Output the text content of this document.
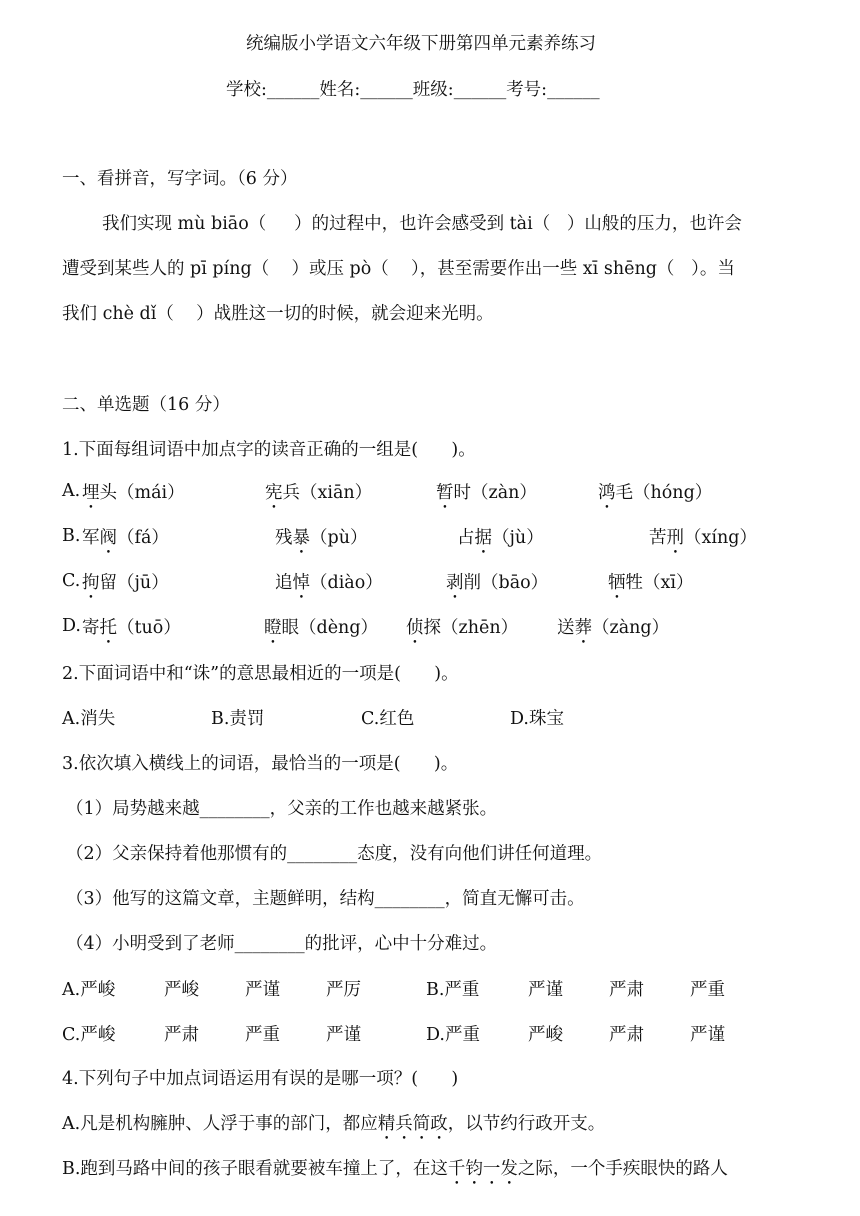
统编版小学语文六年级下册第四单元素养练习
学校:______姓名:______班级:______考号:______
一、看拼音，写字词。（6 分）
我们实现 mù biāo（     ）的过程中，也许会感受到 tài（   ）山般的压力，也许会
遭受到某些人的 pī píng（    ）或压 pò（    ），甚至需要作出一些 xī shēng（   ）。当
我们 chè dǐ（    ）战胜这一切的时候，就会迎来光明。
二、单选题（16 分）
1.下面每组词语中加点字的读音正确的一组是(      )。
A. 埋头（mái）	宪兵（xiān）	暂时（zàn）	鸿毛（hóng）
B. 军阀（fá）	残暴（pù）	占据（jù）	苦刑（xíng）
C. 拘留（jū）	追悼（diào）	剥削（bāo）	牺牲（xī）
D. 寄托（tuō）	瞪眼（dèng） 侦探（zhēn） 送葬（zàng）
2.下面词语中和“诛”的意思最相近的一项是(      )。
A.消失	B.责罚	C.红色	D.珠宝
3.依次填入横线上的词语，最恰当的一项是(      )。
（1）局势越来越________，父亲的工作也越来越紧张。
（2）父亲保持着他那惯有的________态度，没有向他们讲任何道理。
（3）他写的这篇文章，主题鲜明，结构________，简直无懈可击。
（4）小明受到了老师________的批评，心中十分难过。
A.严峻	严峻	严谨	严厉	B.严重	严谨	严肃	严重
C.严峻	严肃	严重	严谨	D.严重	严峻	严肃	严谨
4.下列句子中加点词语运用有误的是哪一项？(      )
A.凡是机构臃肿、人浮于事的部门，都应精兵简政，以节约行政开支。
B.跑到马路中间的孩子眼看就要被车撞上了，在这千钧一发之际，一个手疾眼快的路人
